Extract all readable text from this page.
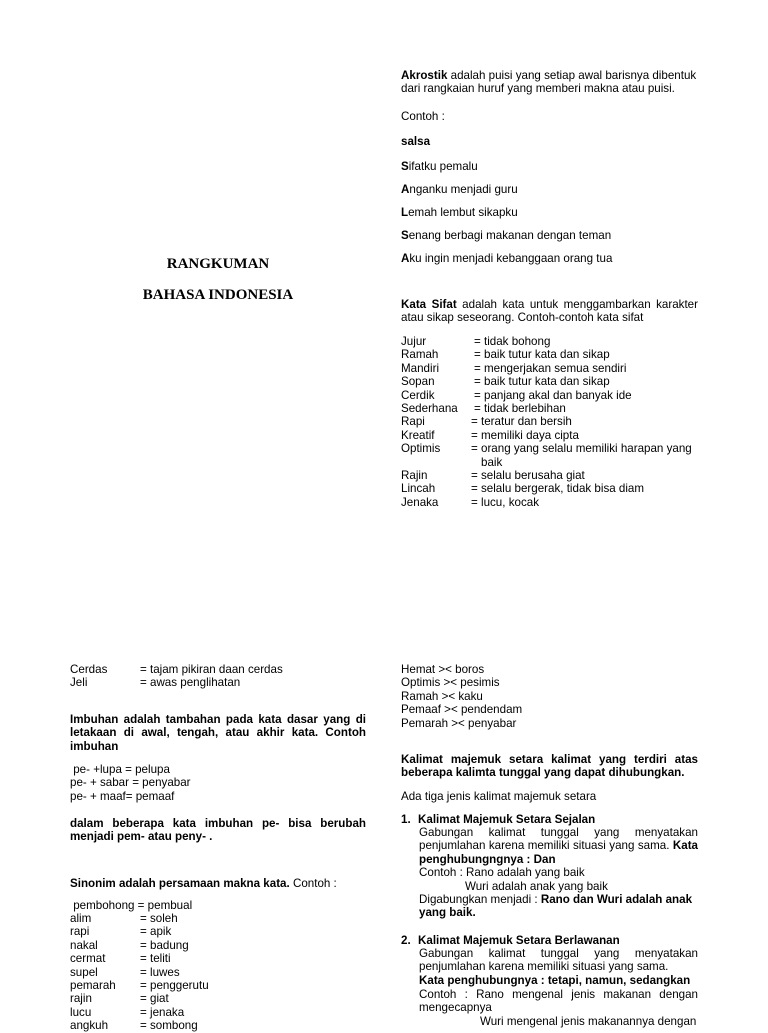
RANGKUMAN
BAHASA INDONESIA
Akrostik adalah puisi yang setiap awal barisnya dibentuk dari rangkaian huruf yang memberi makna atau puisi.
Contoh :
salsa
Sifatku pemalu
Anganku menjadi guru
Lemah lembut sikapku
Senang berbagi makanan dengan teman
Aku ingin menjadi kebanggaan orang tua
Kata Sifat adalah kata untuk menggambarkan karakter atau sikap seseorang. Contoh-contoh kata sifat
Jujur	= tidak bohong
Ramah	= baik tutur kata dan sikap
Mandiri	= mengerjakan semua sendiri
Sopan	= baik tutur kata dan sikap
Cerdik	= panjang akal dan banyak ide
Sederhana = tidak berlebihan
Rapi	= teratur dan bersih
Kreatif	= memiliki daya cipta
Optimis	= orang yang selalu memiliki harapan yang
baik
Rajin	= selalu berusaha giat
Lincah	= selalu bergerak, tidak bisa diam
Jenaka	= lucu, kocak
Cerdas	= tajam pikiran daan cerdas
Jeli	= awas penglihatan
Imbuhan adalah tambahan pada kata dasar yang di letakaan di awal, tengah, atau akhir kata. Contoh imbuhan
pe- +lupa = pelupa
pe- + sabar = penyabar
pe- + maaf= pemaaf
dalam beberapa kata imbuhan pe- bisa berubah menjadi pem- atau peny- .
Sinonim adalah persamaan makna kata. Contoh :
pembohong = pembual
alim	= soleh
rapi	= apik
nakal	= badung
cermat	= teliti
supel	= luwes
pemarah = penggerutu
rajin	= giat
lucu	= jenaka
angkuh	= sombong
Hemat >< boros
Optimis >< pesimis
Ramah >< kaku
Pemaaf >< pendendam
Pemarah >< penyabar
Kalimat majemuk setara kalimat yang terdiri atas beberapa kalimta tunggal yang dapat dihubungkan.
Ada tiga jenis kalimat majemuk setara
1. Kalimat Majemuk Setara Sejalan
Gabungan kalimat tunggal yang menyatakan penjumlahan karena memiliki situasi yang sama. Kata penghubungngnya : Dan
Contoh : Rano adalah yang baik
Wuri adalah anak yang baik
Digabungkan menjadi : Rano dan Wuri adalah anak yang baik.
2. Kalimat Majemuk Setara Berlawanan
Gabungan kalimat tunggal yang menyatakan penjumlahan karena memiliki situasi yang sama.
Kata penghubungnya : tetapi, namun, sedangkan
Contoh : Rano mengenal jenis makanan dengan mengecapnya
Wuri mengenal jenis makanannya dengan
